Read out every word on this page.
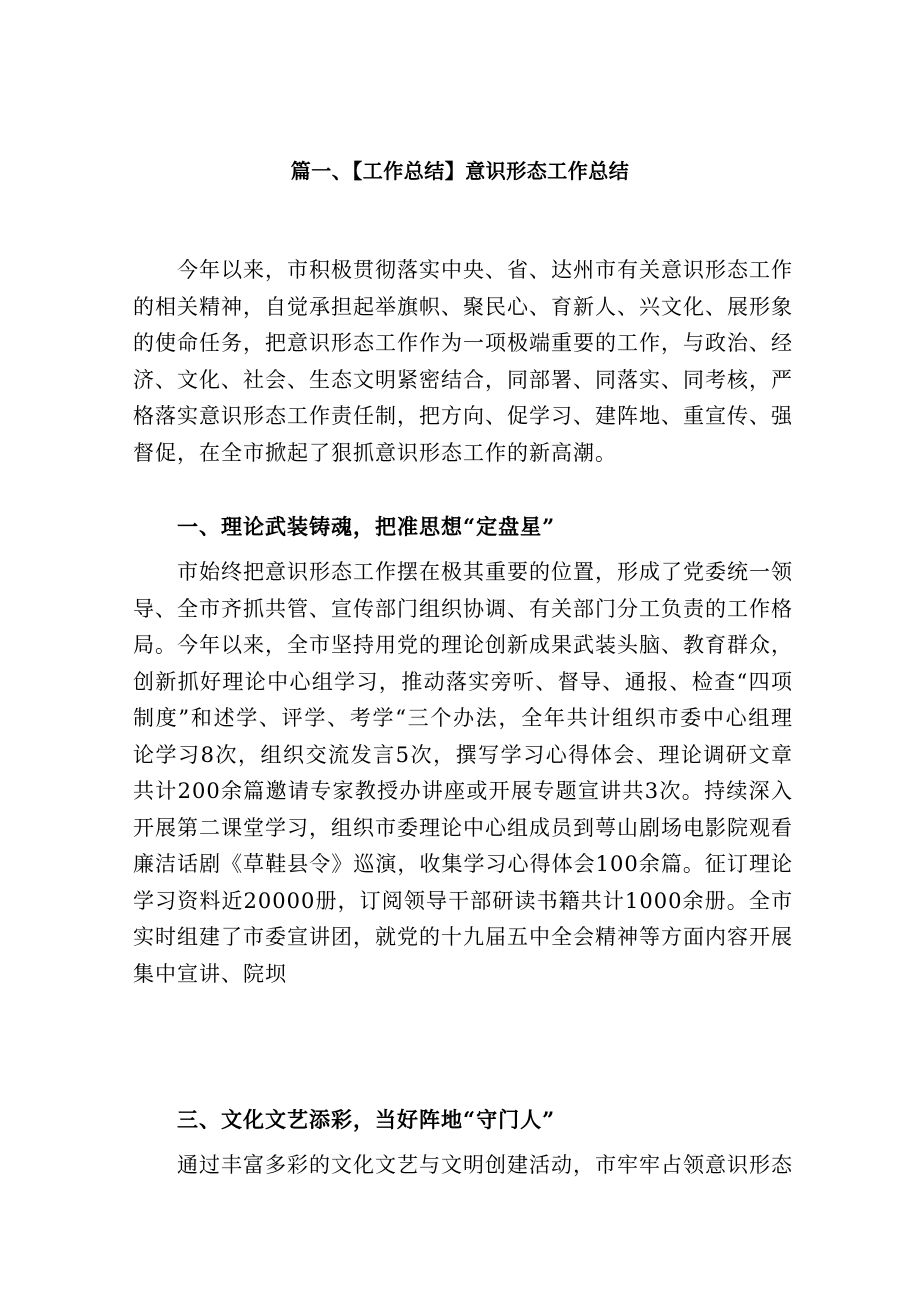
篇一、【工作总结】意识形态工作总结

今年以来，市积极贯彻落实中央、省、达州市有关意识形态工作的相关精神，自觉承担起举旗帜、聚民心、育新人、兴文化、展形象的使命任务，把意识形态工作作为一项极端重要的工作，与政治、经济、文化、社会、生态文明紧密结合，同部署、同落实、同考核，严格落实意识形态工作责任制，把方向、促学习、建阵地、重宣传、强督促，在全市掀起了狠抓意识形态工作的新高潮。

一、理论武装铸魂，把准思想“定盘星”

市始终把意识形态工作摆在极其重要的位置，形成了党委统一领导、全市齐抓共管、宣传部门组织协调、有关部门分工负责的工作格局。今年以来，全市坚持用党的理论创新成果武装头脑、教育群众，创新抓好理论中心组学习，推动落实旁听、督导、通报、检查“四项制度”和述学、评学、考学“三个办法，全年共计组织市委中心组理论学习8次，组织交流发言5次，撰写学习心得体会、理论调研文章共计200余篇邀请专家教授办讲座或开展专题宣讲共3次。持续深入开展第二课堂学习，组织市委理论中心组成员到萼山剧场电影院观看廉洁话剧《草鞋县令》巡演，收集学习心得体会100余篇。征订理论学习资料近20000册，订阅领导干部研读书籍共计1000余册。全市实时组建了市委宣讲团，就党的十九届五中全会精神等方面内容开展集中宣讲、院坝

三、文化文艺添彩，当好阵地“守门人”

通过丰富多彩的文化文艺与文明创建活动，市牢牢占领意识形态
